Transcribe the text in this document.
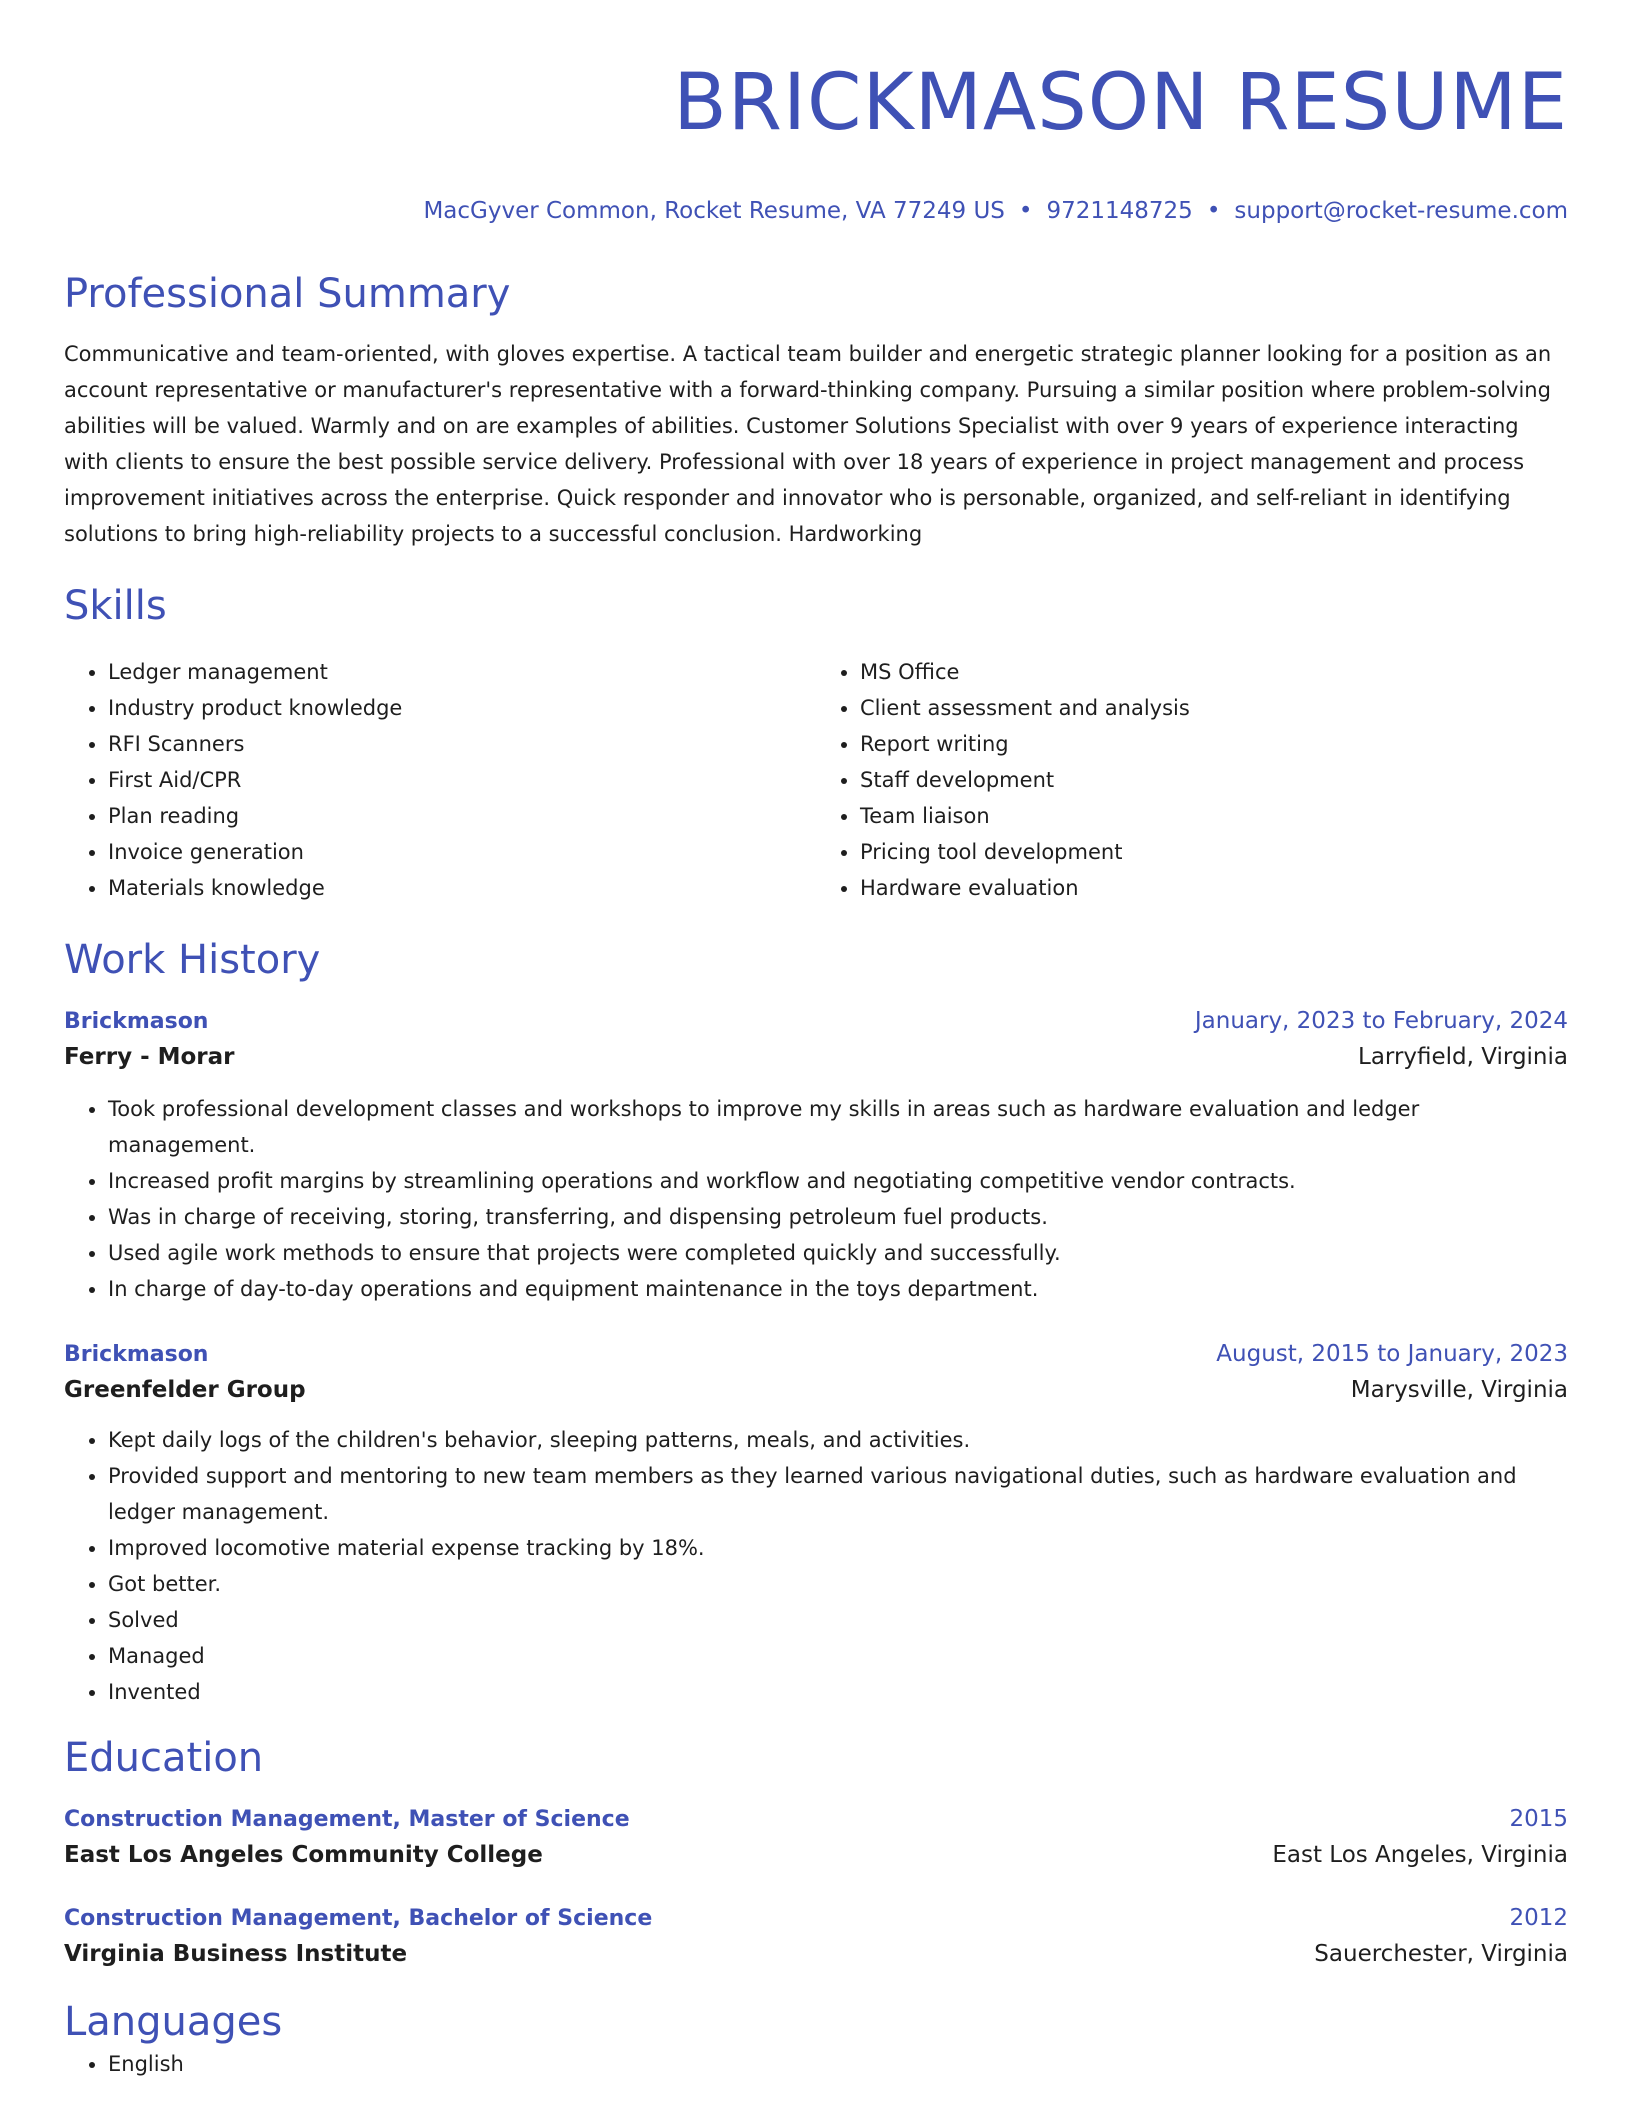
BRICKMASON RESUME
MacGyver Common, Rocket Resume, VA 77249 US • 9721148725 • support@rocket-resume.com
Professional Summary

Communicative and team-oriented, with gloves expertise. A tactical team builder and energetic strategic planner looking for a position as an account representative or manufacturer's representative with a forward-thinking company. Pursuing a similar position where problem-solving abilities will be valued. Warmly and on are examples of abilities. Customer Solutions Specialist with over 9 years of experience interacting with clients to ensure the best possible service delivery. Professional with over 18 years of experience in project management and process improvement initiatives across the enterprise. Quick responder and innovator who is personable, organized, and self-reliant in identifying solutions to bring high-reliability projects to a successful conclusion. Hardworking

Skills
• Ledger management
• Industry product knowledge
• RFI Scanners
• First Aid/CPR
• Plan reading
• Invoice generation
• Materials knowledge
• MS Office
• Client assessment and analysis
• Report writing
• Staff development
• Team liaison
• Pricing tool development
• Hardware evaluation
Work History
Brickmason	January, 2023 to February, 2024
Ferry - Morar	Larryfield, Virginia
• Took professional development classes and workshops to improve my skills in areas such as hardware evaluation and ledger management.
• Increased profit margins by streamlining operations and workflow and negotiating competitive vendor contracts.
• Was in charge of receiving, storing, transferring, and dispensing petroleum fuel products.
• Used agile work methods to ensure that projects were completed quickly and successfully.
• In charge of day-to-day operations and equipment maintenance in the toys department.
Brickmason	August, 2015 to January, 2023
Greenfelder Group	Marysville, Virginia
• Kept daily logs of the children's behavior, sleeping patterns, meals, and activities.
• Provided support and mentoring to new team members as they learned various navigational duties, such as hardware evaluation and ledger management.
• Improved locomotive material expense tracking by 18%.
• Got better.
• Solved
• Managed
• Invented
Education
Construction Management, Master of Science	2015
East Los Angeles Community College	East Los Angeles, Virginia
Construction Management, Bachelor of Science	2012
Virginia Business Institute	Sauerchester, Virginia
Languages
• English
